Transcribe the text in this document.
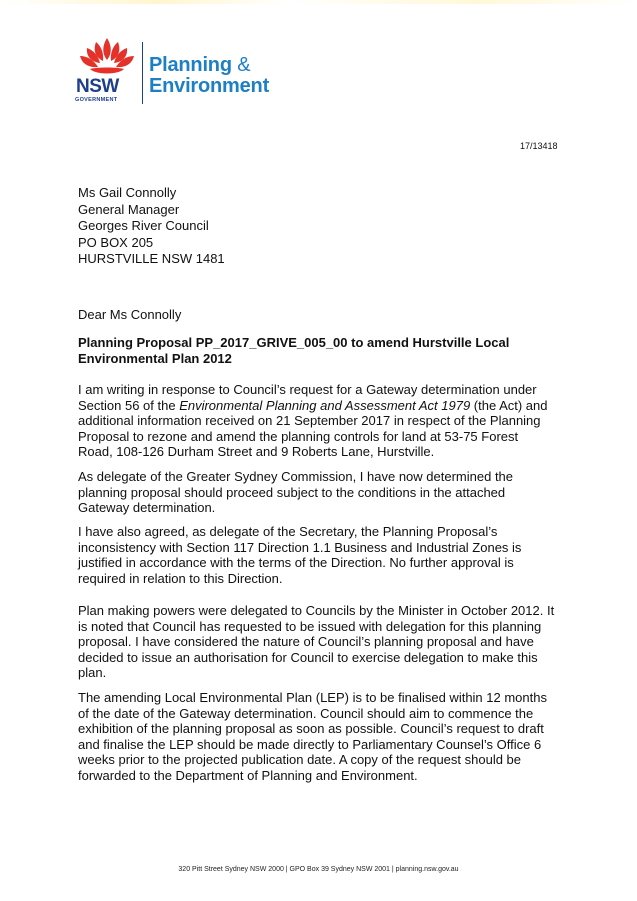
NSW
GOVERNMENT
Planning &
Environment
17/13418
Ms Gail Connolly
General Manager
Georges River Council
PO BOX 205
HURSTVILLE NSW 1481
Dear Ms Connolly
Planning Proposal PP_2017_GRIVE_005_00 to amend Hurstville Local Environmental Plan 2012
I am writing in response to Council’s request for a Gateway determination under Section 56 of the Environmental Planning and Assessment Act 1979 (the Act) and additional information received on 21 September 2017 in respect of the Planning Proposal to rezone and amend the planning controls for land at 53-75 Forest Road, 108-126 Durham Street and 9 Roberts Lane, Hurstville.
As delegate of the Greater Sydney Commission, I have now determined the planning proposal should proceed subject to the conditions in the attached Gateway determination.
I have also agreed, as delegate of the Secretary, the Planning Proposal’s inconsistency with Section 117 Direction 1.1 Business and Industrial Zones is justified in accordance with the terms of the Direction. No further approval is required in relation to this Direction.
Plan making powers were delegated to Councils by the Minister in October 2012. It is noted that Council has requested to be issued with delegation for this planning proposal. I have considered the nature of Council’s planning proposal and have decided to issue an authorisation for Council to exercise delegation to make this plan.
The amending Local Environmental Plan (LEP) is to be finalised within 12 months of the date of the Gateway determination. Council should aim to commence the exhibition of the planning proposal as soon as possible. Council’s request to draft and finalise the LEP should be made directly to Parliamentary Counsel’s Office 6 weeks prior to the projected publication date. A copy of the request should be forwarded to the Department of Planning and Environment.
320 Pitt Street Sydney NSW 2000 | GPO Box 39 Sydney NSW 2001 | planning.nsw.gov.au
